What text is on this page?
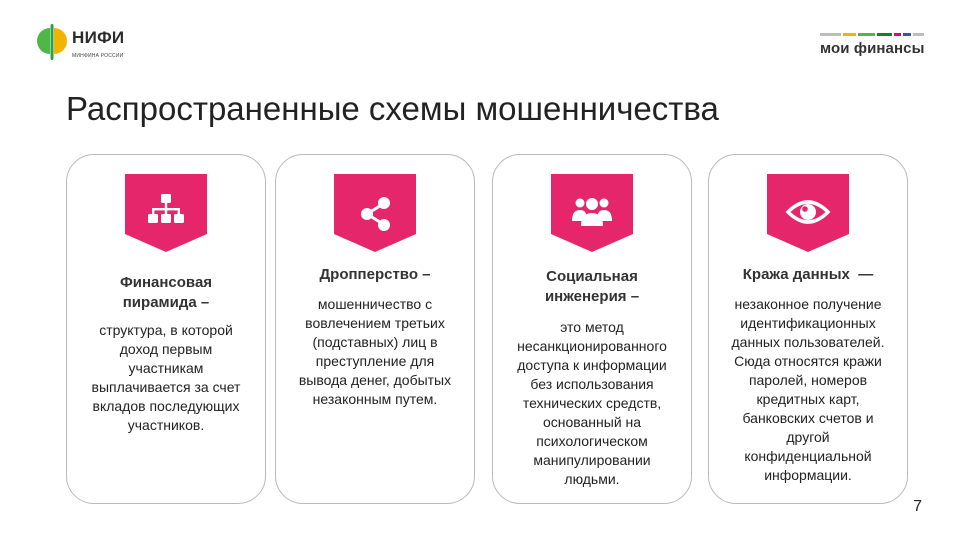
НИФИ
МИНФИНА РОССИИ	мои финансы
Распространенные схемы мошенничества
Финансовая
пирамида –
структура, в которой
доход первым
участникам
выплачивается за счет
вкладов последующих
участников.
Дропперство –
мошенничество с
вовлечением третьих
(подставных) лиц в
преступление для
вывода денег, добытых
незаконным путем.
Социальная
инженерия –
это метод
несанкционированного
доступа к информации
без использования
технических средств,
основанный на
психологическом
манипулировании
людьми.
Кража данных  —
незаконное получение
идентификационных
данных пользователей.
Сюда относятся кражи
паролей, номеров
кредитных карт,
банковских счетов и
другой
конфиденциальной
информации.
7
